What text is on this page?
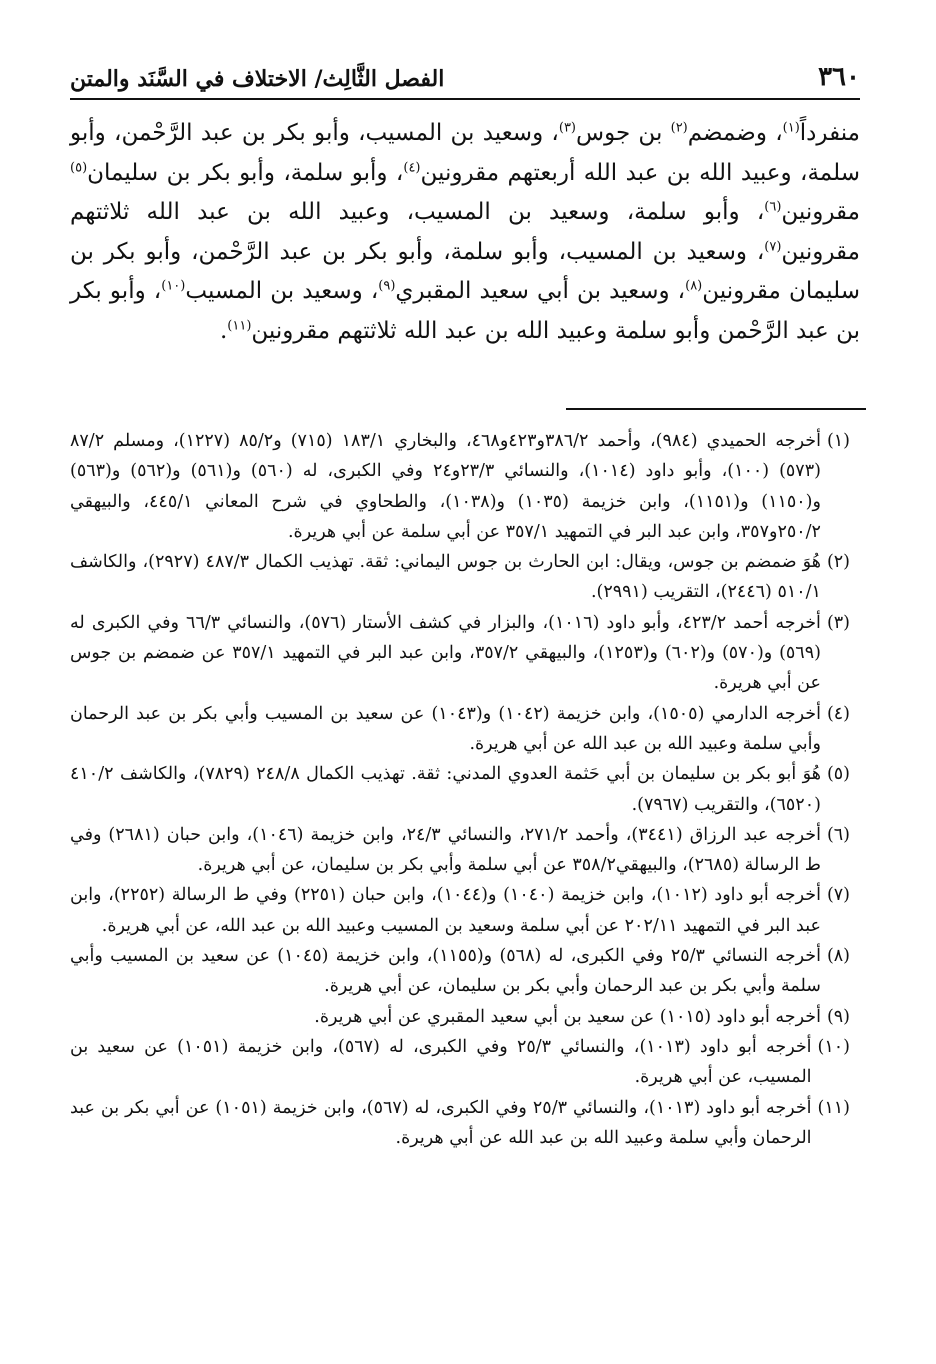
٣٦٠
الفصل الثَّالِث/ الاختلاف في السَّنَد والمتن

منفرداً$^{(١)}$، وضمضم$^{(٢)}$ بن جوس$^{(٣)}$، وسعيد بن المسيب، وأبو بكر بن عبد الرَّحْمن، وأبو سلمة، وعبيد الله بن عبد الله أربعتهم مقرونين$^{(٤)}$، وأبو سلمة، وأبو بكر بن سليمان$^{(٥)}$ مقرونين$^{(٦)}$، وأبو سلمة، وسعيد بن المسيب، وعبيد الله بن عبد الله ثلاثتهم مقرونين$^{(٧)}$، وسعيد بن المسيب، وأبو سلمة، وأبو بكر بن عبد الرَّحْمن، وأبو بكر بن سليمان مقرونين$^{(٨)}$، وسعيد بن أبي سعيد المقبري$^{(٩)}$، وسعيد بن المسيب$^{(١٠)}$، وأبو بكر بن عبد الرَّحْمن وأبو سلمة وعبيد الله بن عبد الله ثلاثتهم مقرونين$^{(١١)}$.

(١)
أخرجه الحميدي (٩٨٤)، وأحمد ٣٨٦/٢و٤٢٣و٤٦٨، والبخاري ١٨٣/١ (٧١٥) و٨٥/٢ (١٢٢٧)، ومسلم ٨٧/٢ (٥٧٣) (١٠٠)، وأبو داود (١٠١٤)، والنسائي ٢٣/٣و٢٤ وفي الكبرى، له (٥٦٠) و(٥٦١) و(٥٦٢) و(٥٦٣) و(١١٥٠) و(١١٥١)، وابن خزيمة (١٠٣٥) و(١٠٣٨)، والطحاوي في شرح المعاني ٤٤٥/١، والبيهقي ٢٥٠/٢و٣٥٧، وابن عبد البر في التمهيد ٣٥٧/١ عن أبي سلمة عن أبي هريرة.

(٢)
هُوَ ضمضم بن جوس، ويقال: ابن الحارث بن جوس اليماني: ثقة. تهذيب الكمال ٤٨٧/٣ (٢٩٢٧)، والكاشف ٥١٠/١ (٢٤٤٦)، التقريب (٢٩٩١).

(٣)
أخرجه أحمد ٤٢٣/٢، وأبو داود (١٠١٦)، والبزار في كشف الأستار (٥٧٦)، والنسائي ٦٦/٣ وفي الكبرى له (٥٦٩) و(٥٧٠) و(٦٠٢) و(١٢٥٣)، والبيهقي ٣٥٧/٢، وابن عبد البر في التمهيد ٣٥٧/١ عن ضمضم بن جوس عن أبي هريرة.

(٤)
أخرجه الدارمي (١٥٠٥)، وابن خزيمة (١٠٤٢) و(١٠٤٣) عن سعيد بن المسيب وأبي بكر بن عبد الرحمان وأبي سلمة وعبيد الله بن عبد الله عن أبي هريرة.

(٥)
هُوَ أبو بكر بن سليمان بن أبي حَثمة العدوي المدني: ثقة. تهذيب الكمال ٢٤٨/٨ (٧٨٢٩)، والكاشف ٤١٠/٢ (٦٥٢٠)، والتقريب (٧٩٦٧).

(٦)
أخرجه عبد الرزاق (٣٤٤١)، وأحمد ٢٧١/٢، والنسائي ٢٤/٣، وابن خزيمة (١٠٤٦)، وابن حبان (٢٦٨١) وفي ط الرسالة (٢٦٨٥)، والبيهقي٣٥٨/٢ عن أبي سلمة وأبي بكر بن سليمان، عن أبي هريرة.

(٧)
أخرجه أبو داود (١٠١٢)، وابن خزيمة (١٠٤٠) و(١٠٤٤)، وابن حبان (٢٢٥١) وفي ط الرسالة (٢٢٥٢)، وابن عبد البر في التمهيد ٢٠٢/١١ عن أبي سلمة وسعيد بن المسيب وعبيد الله بن عبد الله، عن أبي هريرة.

(٨)
أخرجه النسائي ٢٥/٣ وفي الكبرى، له (٥٦٨) و(١١٥٥)، وابن خزيمة (١٠٤٥) عن سعيد بن المسيب وأبي سلمة وأبي بكر بن عبد الرحمان وأبي بكر بن سليمان، عن أبي هريرة.

(٩)
أخرجه أبو داود (١٠١٥) عن سعيد بن أبي سعيد المقبري عن أبي هريرة.

(١٠)
أخرجه أبو داود (١٠١٣)، والنسائي ٢٥/٣ وفي الكبرى، له (٥٦٧)، وابن خزيمة (١٠٥١) عن سعيد بن المسيب، عن أبي هريرة.

(١١)
أخرجه أبو داود (١٠١٣)، والنسائي ٢٥/٣ وفي الكبرى، له (٥٦٧)، وابن خزيمة (١٠٥١) عن أبي بكر بن عبد الرحمان وأبي سلمة وعبيد الله بن عبد الله عن أبي هريرة.
